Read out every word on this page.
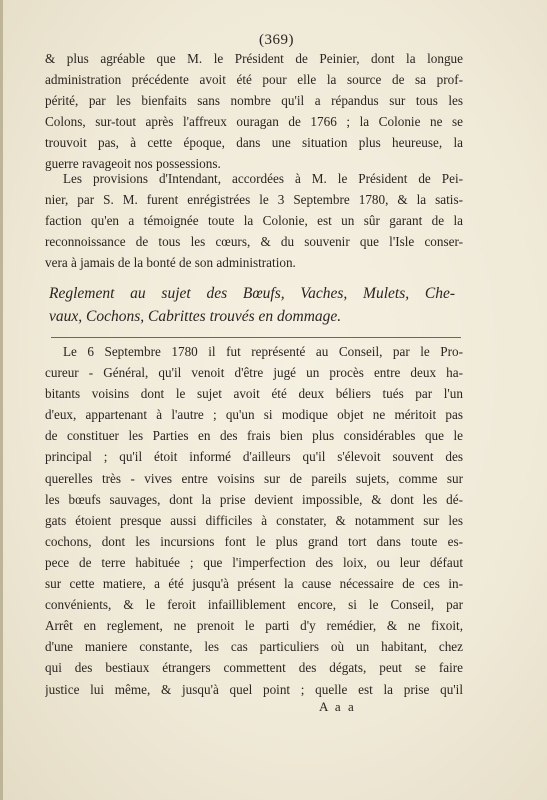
(369)
& plus agréable que M. le Président de Peinier, dont la longue
administration précédente avoit été pour elle la source de sa prof-
périté, par les bienfaits sans nombre qu'il a répandus sur tous les
Colons, sur-tout après l'affreux ouragan de 1766 ; la Colonie ne se
trouvoit pas, à cette époque, dans une situation plus heureuse, la
guerre ravageoit nos possessions.
Les provisions d'Intendant, accordées à M. le Président de Pei-
nier, par S. M. furent enrégistrées le 3 Septembre 1780, & la satis-
faction qu'en a témoignée toute la Colonie, est un sûr garant de la
reconnoissance de tous les cœurs, & du souvenir que l'Isle conser-
vera à jamais de la bonté de son administration.
Reglement au sujet des Bœufs, Vaches, Mulets, Che-
vaux, Cochons, Cabrittes trouvés en dommage.
Le 6 Septembre 1780 il fut représenté au Conseil, par le Pro-
cureur - Général, qu'il venoit d'être jugé un procès entre deux ha-
bitants voisins dont le sujet avoit été deux béliers tués par l'un
d'eux, appartenant à l'autre ; qu'un si modique objet ne méritoit pas
de constituer les Parties en des frais bien plus considérables que le
principal ; qu'il étoit informé d'ailleurs qu'il s'élevoit souvent des
querelles très - vives entre voisins sur de pareils sujets, comme sur
les bœufs sauvages, dont la prise devient impossible, & dont les dé-
gats étoient presque aussi difficiles à constater, & notamment sur les
cochons, dont les incursions font le plus grand tort dans toute es-
pece de terre habituée ; que l'imperfection des loix, ou leur défaut
sur cette matiere, a été jusqu'à présent la cause nécessaire de ces in-
convénients, & le feroit infailliblement encore, si le Conseil, par
Arrêt en reglement, ne prenoit le parti d'y remédier, & ne fixoit,
d'une maniere constante, les cas particuliers où un habitant, chez
qui des bestiaux étrangers commettent des dégats, peut se faire
justice lui même, & jusqu'à quel point ; quelle est la prise qu'il
A a a
